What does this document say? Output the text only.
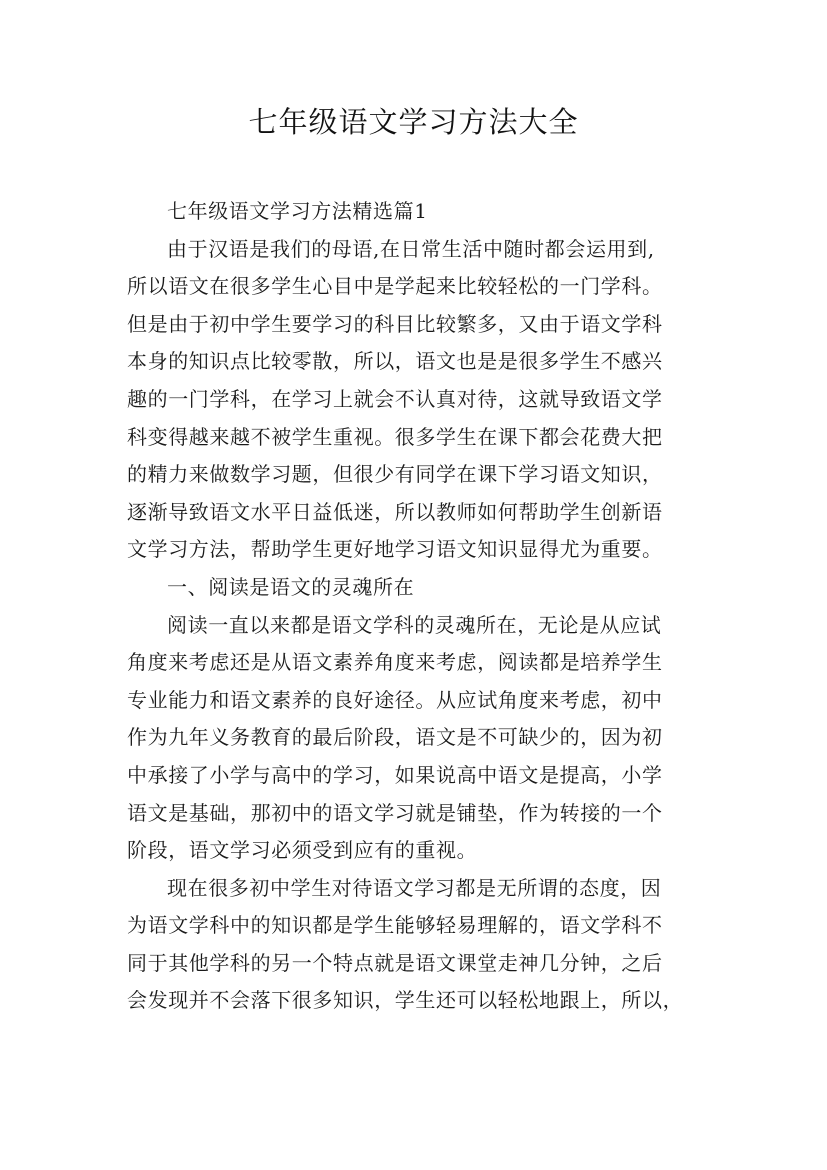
七年级语文学习方法大全
七年级语文学习方法精选篇1
由于汉语是我们的母语,在日常生活中随时都会运用到,
所以语文在很多学生心目中是学起来比较轻松的一门学科。
但是由于初中学生要学习的科目比较繁多，又由于语文学科
本身的知识点比较零散，所以，语文也是是很多学生不感兴
趣的一门学科，在学习上就会不认真对待，这就导致语文学
科变得越来越不被学生重视。很多学生在课下都会花费大把
的精力来做数学习题，但很少有同学在课下学习语文知识，
逐渐导致语文水平日益低迷，所以教师如何帮助学生创新语
文学习方法，帮助学生更好地学习语文知识显得尤为重要。
一、阅读是语文的灵魂所在
阅读一直以来都是语文学科的灵魂所在，无论是从应试
角度来考虑还是从语文素养角度来考虑，阅读都是培养学生
专业能力和语文素养的良好途径。从应试角度来考虑，初中
作为九年义务教育的最后阶段，语文是不可缺少的，因为初
中承接了小学与高中的学习，如果说高中语文是提高，小学
语文是基础，那初中的语文学习就是铺垫，作为转接的一个
阶段，语文学习必须受到应有的重视。
现在很多初中学生对待语文学习都是无所谓的态度，因
为语文学科中的知识都是学生能够轻易理解的，语文学科不
同于其他学科的另一个特点就是语文课堂走神几分钟，之后
会发现并不会落下很多知识，学生还可以轻松地跟上，所以，
